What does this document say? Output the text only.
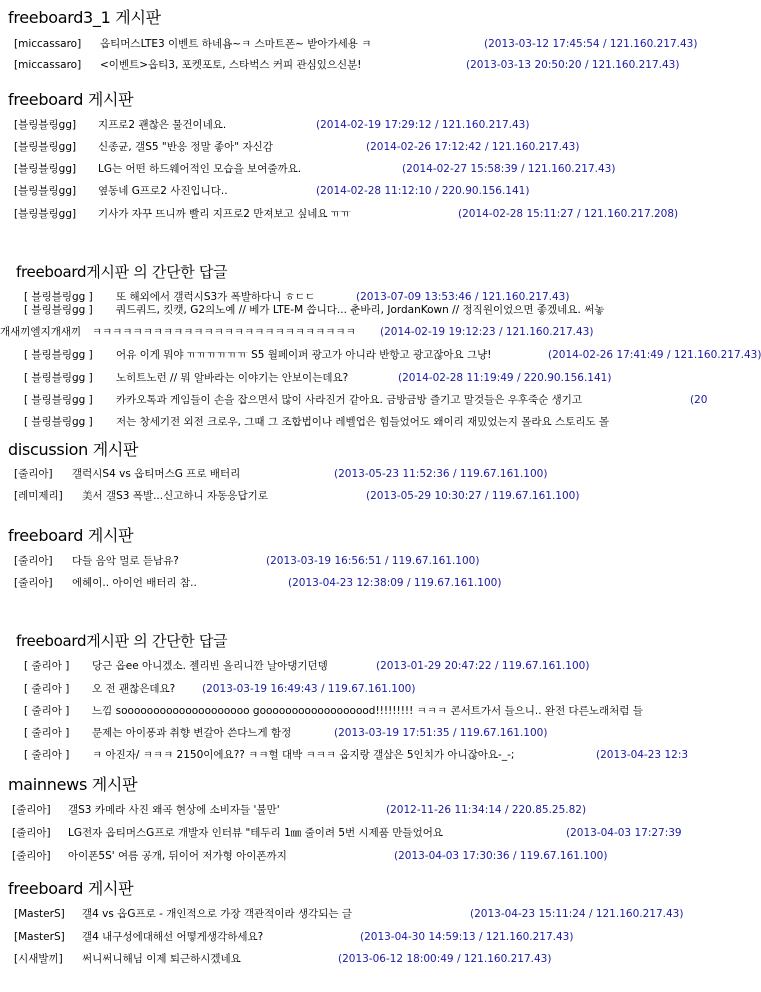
freeboard3_1 게시판
[miccassaro] 옵티머스LTE3 이벤트 하네욤~ㅋ 스마트폰~ 받아가세용 ㅋ	(2013-03-12 17:45:54 / 121.160.217.43)
[miccassaro] <이벤트>옵티3, 포켓포토, 스타벅스 커피 관심있으신분!	(2013-03-13 20:50:20 / 121.160.217.43)
freeboard 게시판
[블링블링gg] 지프로2 괜찮은 물건이네요.	(2014-02-19 17:29:12 / 121.160.217.43)
[블링블링gg] 신종균, 갤S5 "반응 정말 좋아" 자신감	(2014-02-26 17:12:42 / 121.160.217.43)
[블링블링gg] LG는 어떤 하드웨어적인 모습을 보여줄까요.	(2014-02-27 15:58:39 / 121.160.217.43)
[블링블링gg] 옆동네 G프로2 사진입니다..	(2014-02-28 11:12:10 / 220.90.156.141)
[블링블링gg] 기사가 자꾸 뜨니까 빨리 지프로2 만져보고 싶네요 ㅠㅠ	(2014-02-28 15:11:27 / 121.160.217.208)
freeboard게시판 의 간단한 답글
[ 블링블링gg ] 또 해외에서 갤럭시S3가 폭발하다니 ㅎㄷㄷ	(2013-07-09 13:53:46 / 121.160.217.43)
[ 블링블링gg ] 쿼드쿼드, 킷캣, G2의노예 // 베가 LTE-M 씁니다... 춘바리, JordanKown // 정직원이었으면 좋겠네요. 써놓
개새끼엘지개새끼 ㅋㅋㅋㅋㅋㅋㅋㅋㅋㅋㅋㅋㅋㅋㅋㅋㅋㅋㅋㅋㅋㅋㅋㅋㅋㅋ (2014-02-19 19:12:23 / 121.160.217.43)
[ 블링블링gg ] 어유 이게 뭐야 ㅠㅠㅠㅠㅠㅠ S5 월페이퍼 광고가 아니라 반항고 광고잖아요 그냥!	(2014-02-26 17:41:49 / 121.160.217.43)
[ 블링블링gg ] 노히트노런 // 뭐 알바라는 이야기는 안보이는데요?	(2014-02-28 11:19:49 / 220.90.156.141)
[ 블링블링gg ] 카카오톡과 게임들이 손을 잡으면서 많이 사라진거 같아요. 금방금방 즐기고 말것들은 우후죽순 생기고	(20
[ 블링블링gg ] 저는 창세기전 외전 크로우, 그때 그 조합법이나 레벨업은 힘들었어도 왜이리 재밌었는지 몰라요 스토리도 몰
discussion 게시판
[줄리아] 갤럭시S4 vs 옵티머스G 프로 배터리	(2013-05-23 11:52:36 / 119.67.161.100)
[레미제리] 美서 갤S3 폭발...신고하니 자동응답기로	(2013-05-29 10:30:27 / 119.67.161.100)
freeboard 게시판
[줄리아] 다들 음악 멀로 듣남유?	(2013-03-19 16:56:51 / 119.67.161.100)
[줄리아] 에헤이.. 아이언 배터리 참..	(2013-04-23 12:38:09 / 119.67.161.100)
freeboard게시판 의 간단한 답글
[ 줄리아 ] 당근 옵ee 아니겠소. 젤리빈 올리니깐 날아댕기던뎅	(2013-01-29 20:47:22 / 119.67.161.100)
[ 줄리아 ] 오 전 괜찮은데요?	(2013-03-19 16:49:43 / 119.67.161.100)
[ 줄리아 ] 느낌 soooooooooooooooooooo goooooooooooooooood!!!!!!!!! ㅋㅋㅋ 콘서트가서 들으니.. 완전 다른노래처럼 들
[ 줄리아 ] 문제는 아이퐁과 취향 변갈아 쓴다느게 함정	(2013-03-19 17:51:35 / 119.67.161.100)
[ 줄리아 ] ㅋ 아진자/ ㅋㅋㅋ 2150이에요?? ㅋㅋ헐 대박 ㅋㅋㅋ 옵지랑 갤삼은 5인치가 아니잖아요-_-;	(2013-04-23 12:3
mainnews 게시판
[줄리아] 갤S3 카메라 사진 왜곡 현상에 소비자들 '불만'	(2012-11-26 11:34:14 / 220.85.25.82)
[줄리아] LG전자 옵티머스G프로 개발자 인터뷰 "테두리 1㎜ 줄이려 5번 시제품 만들었어요	(2013-04-03 17:27:39
[줄리아] 아이폰5S' 여름 공개, 뒤이어 저가형 아이폰까지	(2013-04-03 17:30:36 / 119.67.161.100)
freeboard 게시판
[MasterS] 갤4 vs 옵G프로 - 개인적으로 가장 객관적이라 생각되는 글	(2013-04-23 15:11:24 / 121.160.217.43)
[MasterS] 갤4 내구성에대해선 어떻게생각하세요?	(2013-04-30 14:59:13 / 121.160.217.43)
[시새발끼] 써니써니해님 이제 퇴근하시겠네요	(2013-06-12 18:00:49 / 121.160.217.43)
